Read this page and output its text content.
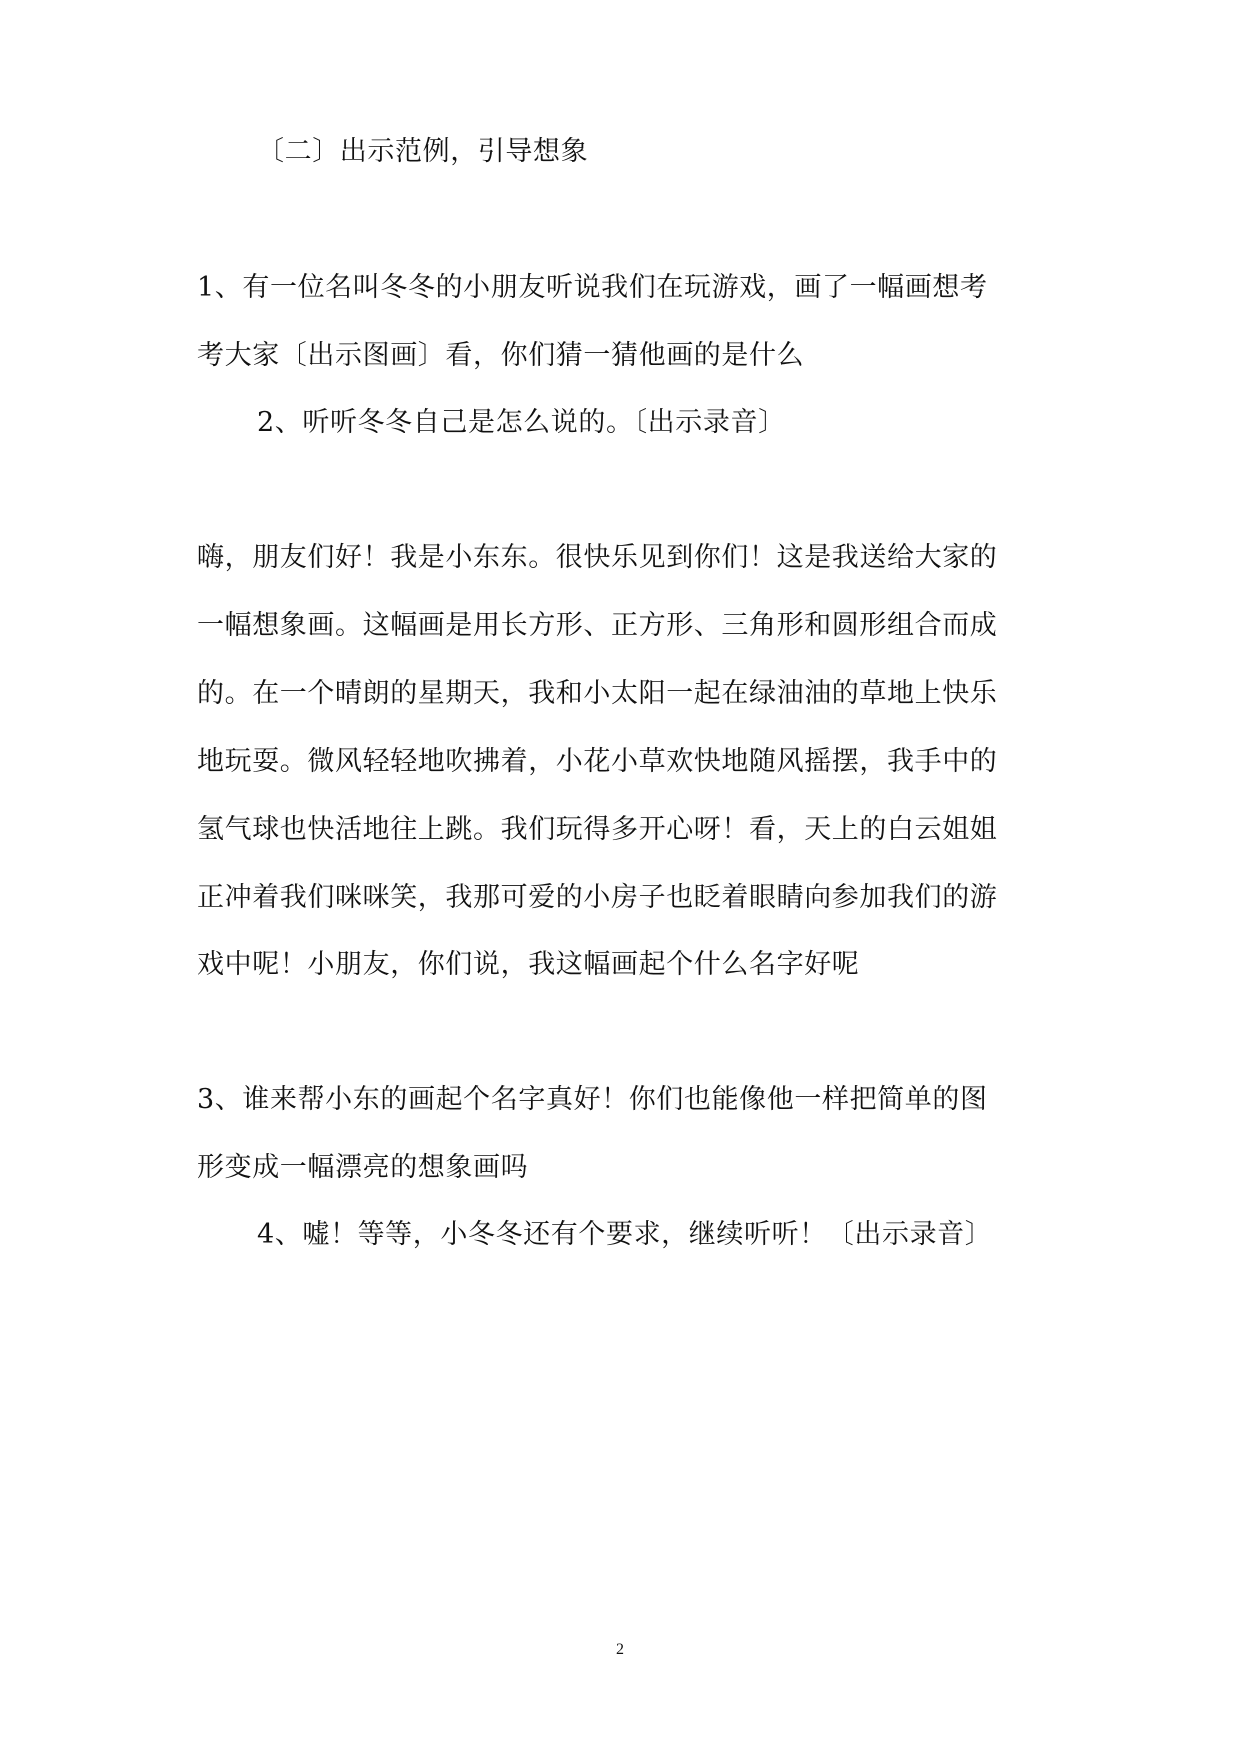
〔二〕出示范例，引导想象
1、有一位名叫冬冬的小朋友听说我们在玩游戏，画了一幅画想考
考大家〔出示图画〕看，你们猜一猜他画的是什么
2、听听冬冬自己是怎么说的。〔出示录音〕
嗨，朋友们好！我是小东东。很快乐见到你们！这是我送给大家的
一幅想象画。这幅画是用长方形、正方形、三角形和圆形组合而成
的。在一个晴朗的星期天，我和小太阳一起在绿油油的草地上快乐
地玩耍。微风轻轻地吹拂着，小花小草欢快地随风摇摆，我手中的
氢气球也快活地往上跳。我们玩得多开心呀！看，天上的白云姐姐
正冲着我们咪咪笑，我那可爱的小房子也眨着眼睛向参加我们的游
戏中呢！小朋友，你们说，我这幅画起个什么名字好呢
3、谁来帮小东的画起个名字真好！你们也能像他一样把简单的图
形变成一幅漂亮的想象画吗
4、嘘！等等，小冬冬还有个要求，继续听听！〔出示录音〕
2
